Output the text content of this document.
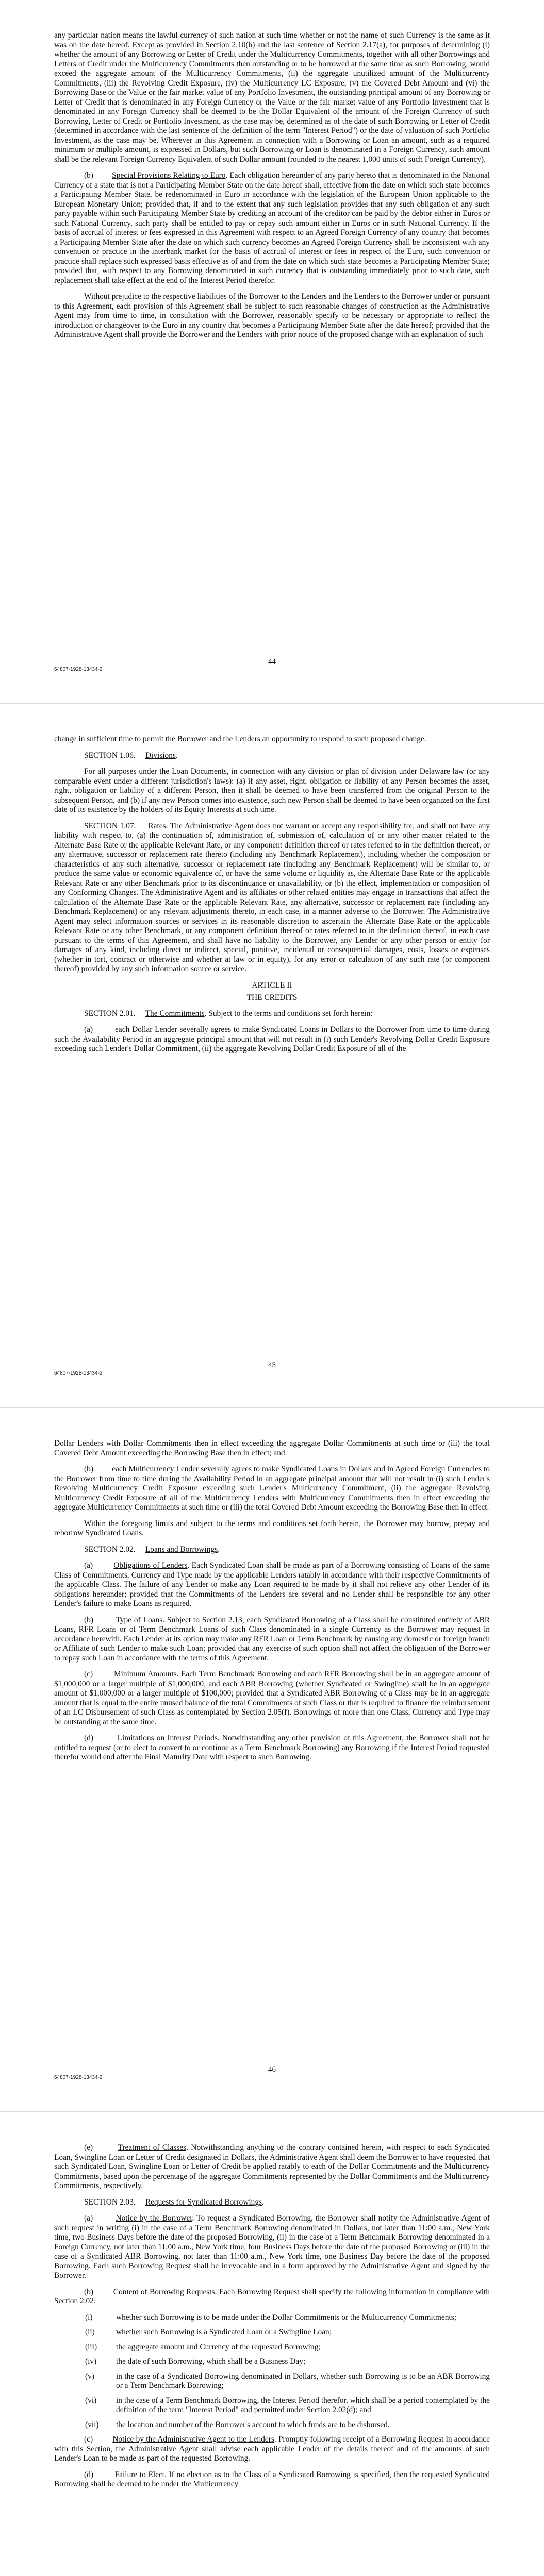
any particular nation means the lawful currency of such nation at such time whether or not the name of such Currency is the same as it was on the date hereof. Except as provided in Section 2.10(b) and the last sentence of Section 2.17(a), for purposes of determining (i) whether the amount of any Borrowing or Letter of Credit under the Multicurrency Commitments, together with all other Borrowings and Letters of Credit under the Multicurrency Commitments then outstanding or to be borrowed at the same time as such Borrowing, would exceed the aggregate amount of the Multicurrency Commitments, (ii) the aggregate unutilized amount of the Multicurrency Commitments, (iii) the Revolving Credit Exposure, (iv) the Multicurrency LC Exposure, (v) the Covered Debt Amount and (vi) the Borrowing Base or the Value or the fair market value of any Portfolio Investment, the outstanding principal amount of any Borrowing or Letter of Credit that is denominated in any Foreign Currency or the Value or the fair market value of any Portfolio Investment that is denominated in any Foreign Currency shall be deemed to be the Dollar Equivalent of the amount of the Foreign Currency of such Borrowing, Letter of Credit or Portfolio Investment, as the case may be, determined as of the date of such Borrowing or Letter of Credit (determined in accordance with the last sentence of the definition of the term "Interest Period") or the date of valuation of such Portfolio Investment, as the case may be. Wherever in this Agreement in connection with a Borrowing or Loan an amount, such as a required minimum or multiple amount, is expressed in Dollars, but such Borrowing or Loan is denominated in a Foreign Currency, such amount shall be the relevant Foreign Currency Equivalent of such Dollar amount (rounded to the nearest 1,000 units of such Foreign Currency).

(b) Special Provisions Relating to Euro. Each obligation hereunder of any party hereto that is denominated in the National Currency of a state that is not a Participating Member State on the date hereof shall, effective from the date on which such state becomes a Participating Member State, be redenominated in Euro in accordance with the legislation of the European Union applicable to the European Monetary Union; provided that, if and to the extent that any such legislation provides that any such obligation of any such party payable within such Participating Member State by crediting an account of the creditor can be paid by the debtor either in Euros or such National Currency, such party shall be entitled to pay or repay such amount either in Euros or in such National Currency. If the basis of accrual of interest or fees expressed in this Agreement with respect to an Agreed Foreign Currency of any country that becomes a Participating Member State after the date on which such currency becomes an Agreed Foreign Currency shall be inconsistent with any convention or practice in the interbank market for the basis of accrual of interest or fees in respect of the Euro, such convention or practice shall replace such expressed basis effective as of and from the date on which such state becomes a Participating Member State; provided that, with respect to any Borrowing denominated in such currency that is outstanding immediately prior to such date, such replacement shall take effect at the end of the Interest Period therefor.

Without prejudice to the respective liabilities of the Borrower to the Lenders and the Lenders to the Borrower under or pursuant to this Agreement, each provision of this Agreement shall be subject to such reasonable changes of construction as the Administrative Agent may from time to time, in consultation with the Borrower, reasonably specify to be necessary or appropriate to reflect the introduction or changeover to the Euro in any country that becomes a Participating Member State after the date hereof; provided that the Administrative Agent shall provide the Borrower and the Lenders with prior notice of the proposed change with an explanation of such

44
64807-1928-13434-2

change in sufficient time to permit the Borrower and the Lenders an opportunity to respond to such proposed change.

SECTION 1.06. Divisions.

For all purposes under the Loan Documents, in connection with any division or plan of division under Delaware law (or any comparable event under a different jurisdiction's laws): (a) if any asset, right, obligation or liability of any Person becomes the asset, right, obligation or liability of a different Person, then it shall be deemed to have been transferred from the original Person to the subsequent Person, and (b) if any new Person comes into existence, such new Person shall be deemed to have been organized on the first date of its existence by the holders of its Equity Interests at such time.

SECTION 1.07. Rates. The Administrative Agent does not warrant or accept any responsibility for, and shall not have any liability with respect to, (a) the continuation of, administration of, submission of, calculation of or any other matter related to the Alternate Base Rate or the applicable Relevant Rate, or any component definition thereof or rates referred to in the definition thereof, or any alternative, successor or replacement rate thereto (including any Benchmark Replacement), including whether the composition or characteristics of any such alternative, successor or replacement rate (including any Benchmark Replacement) will be similar to, or produce the same value or economic equivalence of, or have the same volume or liquidity as, the Alternate Base Rate or the applicable Relevant Rate or any other Benchmark prior to its discontinuance or unavailability, or (b) the effect, implementation or composition of any Conforming Changes. The Administrative Agent and its affiliates or other related entities may engage in transactions that affect the calculation of the Alternate Base Rate or the applicable Relevant Rate, any alternative, successor or replacement rate (including any Benchmark Replacement) or any relevant adjustments thereto, in each case, in a manner adverse to the Borrower. The Administrative Agent may select information sources or services in its reasonable discretion to ascertain the Alternate Base Rate or the applicable Relevant Rate or any other Benchmark, or any component definition thereof or rates referred to in the definition thereof, in each case pursuant to the terms of this Agreement, and shall have no liability to the Borrower, any Lender or any other person or entity for damages of any kind, including direct or indirect, special, punitive, incidental or consequential damages, costs, losses or expenses (whether in tort, contract or otherwise and whether at law or in equity), for any error or calculation of any such rate (or component thereof) provided by any such information source or service.

ARTICLE II
THE CREDITS

SECTION 2.01. The Commitments. Subject to the terms and conditions set forth herein:

(a)	each Dollar Lender severally agrees to make Syndicated Loans in Dollars to the Borrower from time to time during such the Availability Period in an aggregate principal amount that will not result in (i) such Lender's Revolving Dollar Credit Exposure exceeding such Lender's Dollar Commitment, (ii) the aggregate Revolving Dollar Credit Exposure of all of the

45
64807-1928-13434-2

Dollar Lenders with Dollar Commitments then in effect exceeding the aggregate Dollar Commitments at such time or (iii) the total Covered Debt Amount exceeding the Borrowing Base then in effect; and

(b) each Multicurrency Lender severally agrees to make Syndicated Loans in Dollars and in Agreed Foreign Currencies to the Borrower from time to time during the Availability Period in an aggregate principal amount that will not result in (i) such Lender's Revolving Multicurrency Credit Exposure exceeding such Lender's Multicurrency Commitment, (ii) the aggregate Revolving Multicurrency Credit Exposure of all of the Multicurrency Lenders with Multicurrency Commitments then in effect exceeding the aggregate Multicurrency Commitments at such time or (iii) the total Covered Debt Amount exceeding the Borrowing Base then in effect.

Within the foregoing limits and subject to the terms and conditions set forth herein, the Borrower may borrow, prepay and reborrow Syndicated Loans.

SECTION 2.02. Loans and Borrowings.

(a)	Obligations of Lenders. Each Syndicated Loan shall be made as part of a Borrowing consisting of Loans of the same Class of Commitments, Currency and Type made by the applicable Lenders ratably in accordance with their respective Commitments of the applicable Class. The failure of any Lender to make any Loan required to be made by it shall not relieve any other Lender of its obligations hereunder; provided that the Commitments of the Lenders are several and no Lender shall be responsible for any other Lender's failure to make Loans as required.

(b)	Type of Loans. Subject to Section 2.13, each Syndicated Borrowing of a Class shall be constituted entirely of ABR Loans, RFR Loans or of Term Benchmark Loans of such Class denominated in a single Currency as the Borrower may request in accordance herewith. Each Lender at its option may make any RFR Loan or Term Benchmark by causing any domestic or foreign branch or Affiliate of such Lender to make such Loan; provided that any exercise of such option shall not affect the obligation of the Borrower to repay such Loan in accordance with the terms of this Agreement.

(c)	Minimum Amounts. Each Term Benchmark Borrowing and each RFR Borrowing shall be in an aggregate amount of $1,000,000 or a larger multiple of $1,000,000, and each ABR Borrowing (whether Syndicated or Swingline) shall be in an aggregate amount of $1,000,000 or a larger multiple of $100,000; provided that a Syndicated ABR Borrowing of a Class may be in an aggregate amount that is equal to the entire unused balance of the total Commitments of such Class or that is required to finance the reimbursement of an LC Disbursement of such Class as contemplated by Section 2.05(f). Borrowings of more than one Class, Currency and Type may be outstanding at the same time.

(d)	Limitations on Interest Periods. Notwithstanding any other provision of this Agreement, the Borrower shall not be entitled to request (or to elect to convert to or continue as a Term Benchmark Borrowing) any Borrowing if the Interest Period requested therefor would end after the Final Maturity Date with respect to such Borrowing.

46
64807-1928-13434-2

(e)	Treatment of Classes. Notwithstanding anything to the contrary contained herein, with respect to each Syndicated Loan, Swingline Loan or Letter of Credit designated in Dollars, the Administrative Agent shall deem the Borrower to have requested that such Syndicated Loan, Swingline Loan or Letter of Credit be applied ratably to each of the Dollar Commitments and the Multicurrency Commitments, based upon the percentage of the aggregate Commitments represented by the Dollar Commitments and the Multicurrency Commitments, respectively.

SECTION 2.03. Requests for Syndicated Borrowings.

(a)	Notice by the Borrower. To request a Syndicated Borrowing, the Borrower shall notify the Administrative Agent of such request in writing (i) in the case of a Term Benchmark Borrowing denominated in Dollars, not later than 11:00 a.m., New York time, two Business Days before the date of the proposed Borrowing, (ii) in the case of a Term Benchmark Borrowing denominated in a Foreign Currency, not later than 11:00 a.m., New York time, four Business Days before the date of the proposed Borrowing or (iii) in the case of a Syndicated ABR Borrowing, not later than 11:00 a.m., New York time, one Business Day before the date of the proposed Borrowing. Each such Borrowing Request shall be irrevocable and in a form approved by the Administrative Agent and signed by the Borrower.

(b)	Content of Borrowing Requests. Each Borrowing Request shall specify the following information in compliance with Section 2.02:

(i)	whether such Borrowing is to be made under the Dollar Commitments or the Multicurrency Commitments;
(ii)	whether such Borrowing is a Syndicated Loan or a Swingline Loan;
(iii)	the aggregate amount and Currency of the requested Borrowing;
(iv)	the date of such Borrowing, which shall be a Business Day;
(v)	in the case of a Syndicated Borrowing denominated in Dollars, whether such Borrowing is to be an ABR Borrowing or a Term Benchmark Borrowing;
(vi)	in the case of a Term Benchmark Borrowing, the Interest Period therefor, which shall be a period contemplated by the definition of the term "Interest Period" and permitted under Section 2.02(d); and
(vii)	the location and number of the Borrower's account to which funds are to be disbursed.

(c) Notice by the Administrative Agent to the Lenders. Promptly following receipt of a Borrowing Request in accordance with this Section, the Administrative Agent shall advise each applicable Lender of the details thereof and of the amounts of such Lender's Loan to be made as part of the requested Borrowing.

(d)	Failure to Elect. If no election as to the Class of a Syndicated Borrowing is specified, then the requested Syndicated Borrowing shall be deemed to be under the Multicurrency
